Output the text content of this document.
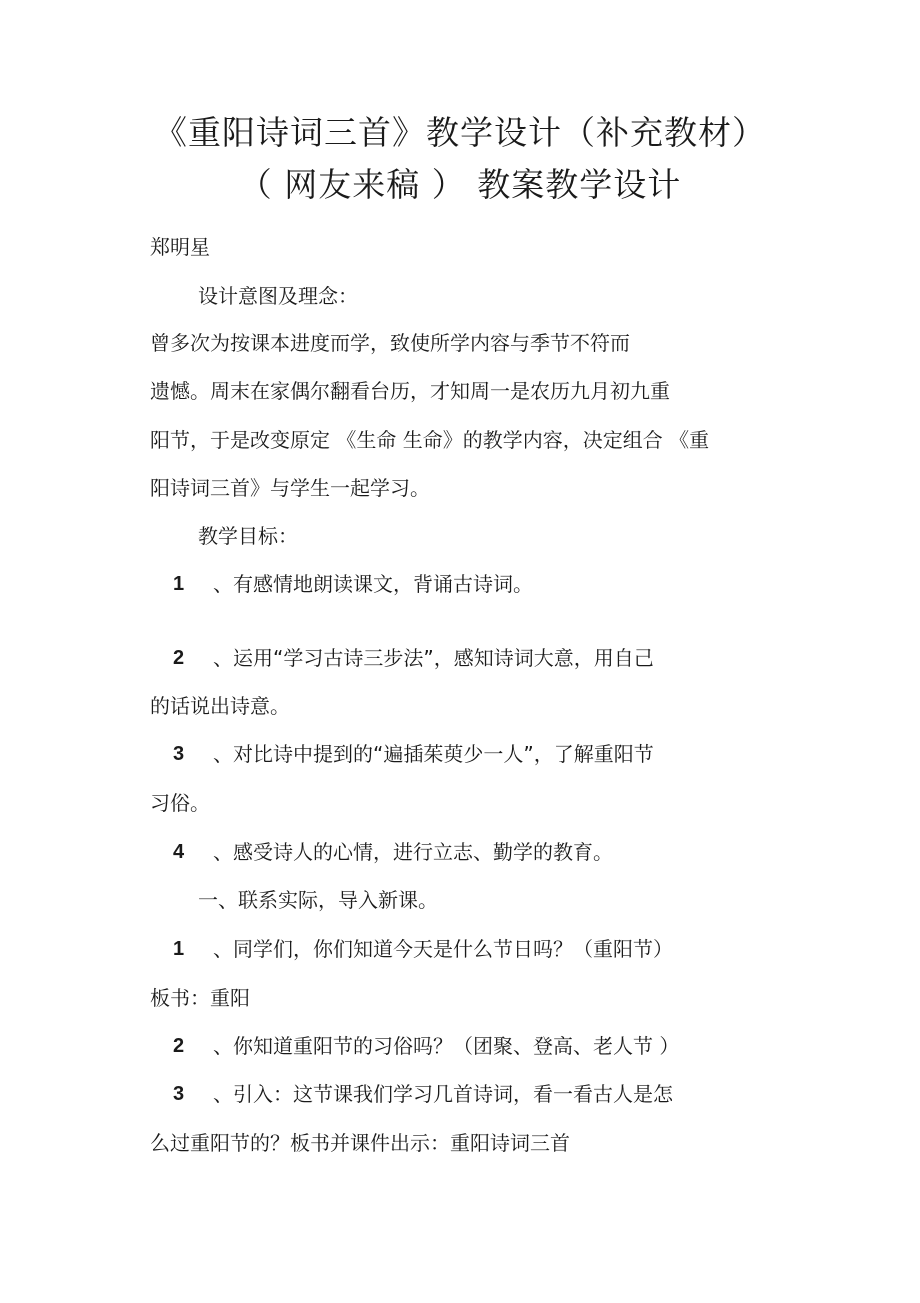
《重阳诗词三首》教学设计（补充教材）
（ 网友来稿 ） 教案教学设计
郑明星
设计意图及理念：
曾多次为按课本进度而学，致使所学内容与季节不符而
遗憾。周末在家偶尔翻看台历，才知周一是农历九月初九重
阳节，于是改变原定 《生命 生命》的教学内容，决定组合 《重
阳诗词三首》与学生一起学习。
教学目标：
1 、有感情地朗读课文，背诵古诗词。
2 、运用“学习古诗三步法”，感知诗词大意，用自己
的话说出诗意。
3 、对比诗中提到的“遍插茱萸少一人”，了解重阳节
习俗。
4 、感受诗人的心情，进行立志、勤学的教育。
一、联系实际，导入新课。
1 、同学们，你们知道今天是什么节日吗？（重阳节）
板书：重阳
2 、你知道重阳节的习俗吗？（团聚、登高、老人节 ）
3 、引入：这节课我们学习几首诗词，看一看古人是怎
么过重阳节的？板书并课件出示：重阳诗词三首
